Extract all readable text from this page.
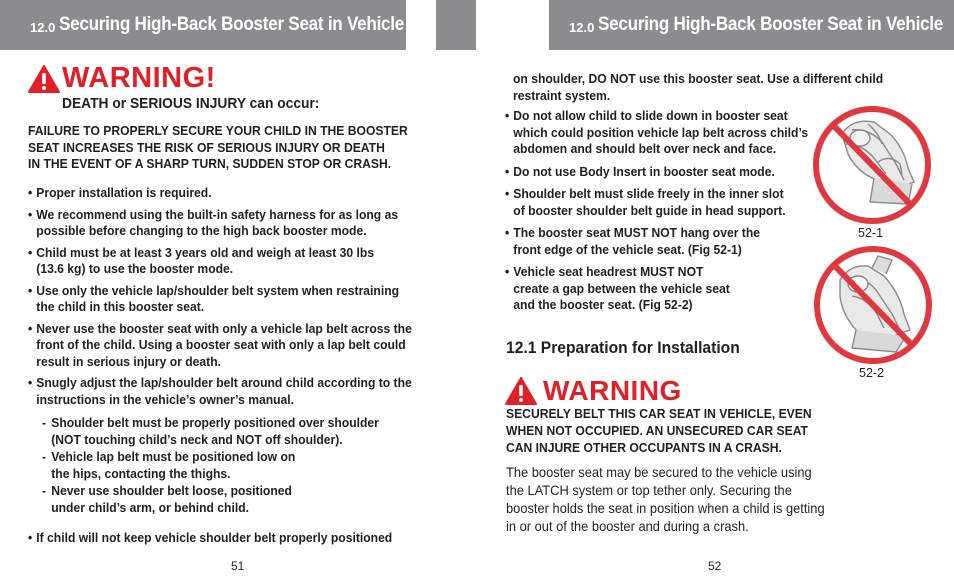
12.0 Securing High-Back Booster Seat in Vehicle	12.0 Securing High-Back Booster Seat in Vehicle
WARNING!
DEATH or SERIOUS INJURY can occur:
FAILURE TO PROPERLY SECURE YOUR CHILD IN THE BOOSTER
SEAT INCREASES THE RISK OF SERIOUS INJURY OR DEATH
IN THE EVENT OF A SHARP TURN, SUDDEN STOP OR CRASH.
• Proper installation is required.
• We recommend using the built-in safety harness for as long as
possible before changing to the high back booster mode.
• Child must be at least 3 years old and weigh at least 30 lbs
(13.6 kg) to use the booster mode.
• Use only the vehicle lap/shoulder belt system when restraining
the child in this booster seat.
• Never use the booster seat with only a vehicle lap belt across the
front of the child. Using a booster seat with only a lap belt could
result in serious injury or death.
• Snugly adjust the lap/shoulder belt around child according to the
instructions in the vehicle’s owner’s manual.
- Shoulder belt must be properly positioned over shoulder
(NOT touching child’s neck and NOT off shoulder).
- Vehicle lap belt must be positioned low on
the hips, contacting the thighs.
- Never use shoulder belt loose, positioned
under child’s arm, or behind child.
• If child will not keep vehicle shoulder belt properly positioned
51
on shoulder, DO NOT use this booster seat. Use a different child
restraint system.
• Do not allow child to slide down in booster seat
which could position vehicle lap belt across child’s
abdomen and should belt over neck and face.
• Do not use Body Insert in booster seat mode.
• Shoulder belt must slide freely in the inner slot
of booster shoulder belt guide in head support.
• The booster seat MUST NOT hang over the
front edge of the vehicle seat. (Fig 52-1)
• Vehicle seat headrest MUST NOT
create a gap between the vehicle seat
and the booster seat. (Fig 52-2)
52-1
52-2
12.1 Preparation for Installation
WARNING
SECURELY BELT THIS CAR SEAT IN VEHICLE, EVEN
WHEN NOT OCCUPIED. AN UNSECURED CAR SEAT
CAN INJURE OTHER OCCUPANTS IN A CRASH.
The booster seat may be secured to the vehicle using
the LATCH system or top tether only. Securing the
booster holds the seat in position when a child is getting
in or out of the booster and during a crash.
52
